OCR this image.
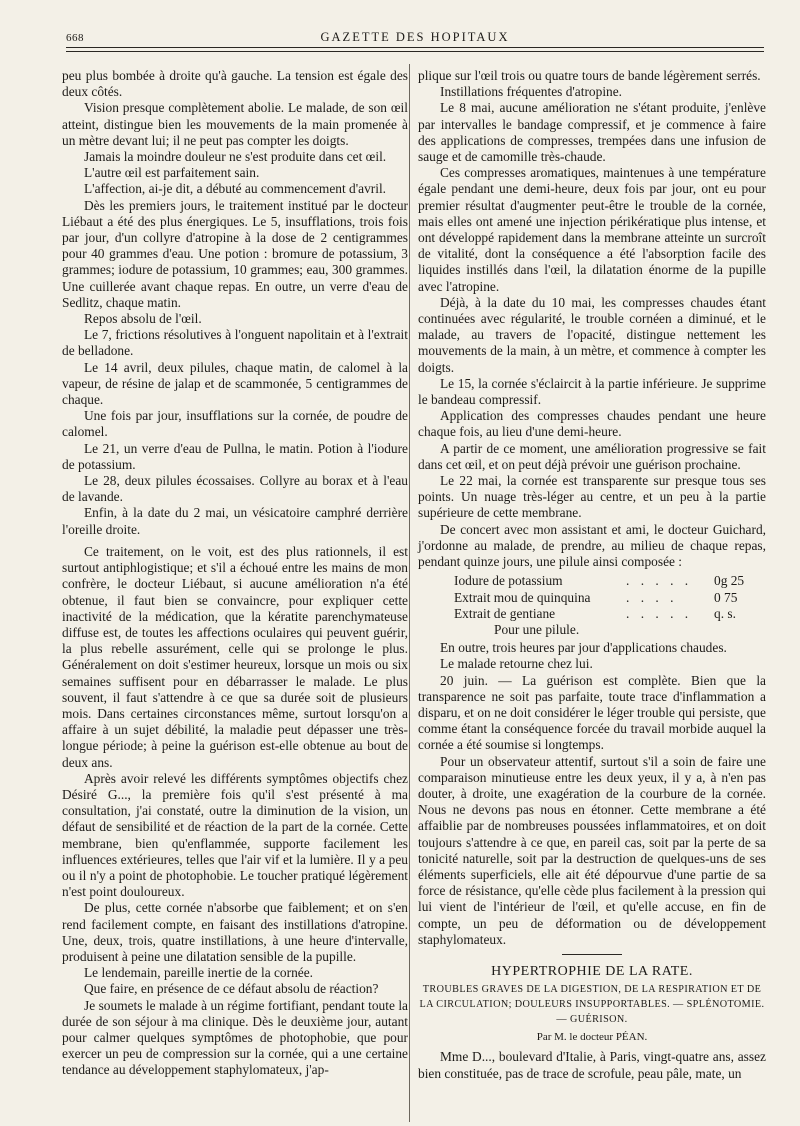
668	GAZETTE DES HOPITAUX

peu plus bombée à droite qu'à gauche. La tension est égale des deux côtés.

Vision presque complètement abolie. Le malade, de son œil atteint, distingue bien les mouvements de la main promenée à un mètre devant lui; il ne peut pas compter les doigts.

Jamais la moindre douleur ne s'est produite dans cet œil.

L'autre œil est parfaitement sain.

L'affection, ai-je dit, a débuté au commencement d'avril.

Dès les premiers jours, le traitement institué par le docteur Liébaut a été des plus énergiques. Le 5, insufflations, trois fois par jour, d'un collyre d'atropine à la dose de 2 centigrammes pour 40 grammes d'eau. Une potion : bromure de potassium, 3 grammes; iodure de potassium, 10 grammes; eau, 300 grammes. Une cuillerée avant chaque repas. En outre, un verre d'eau de Sedlitz, chaque matin.

Repos absolu de l'œil.

Le 7, frictions résolutives à l'onguent napolitain et à l'extrait de belladone.

Le 14 avril, deux pilules, chaque matin, de calomel à la vapeur, de résine de jalap et de scammonée, 5 centigrammes de chaque.

Une fois par jour, insufflations sur la cornée, de poudre de calomel.

Le 21, un verre d'eau de Pullna, le matin. Potion à l'iodure de potassium.

Le 28, deux pilules écossaises. Collyre au borax et à l'eau de lavande.

Enfin, à la date du 2 mai, un vésicatoire camphré derrière l'oreille droite.

Ce traitement, on le voit, est des plus rationnels, il est surtout antiphlogistique; et s'il a échoué entre les mains de mon confrère, le docteur Liébaut, si aucune amélioration n'a été obtenue, il faut bien se convaincre, pour expliquer cette inactivité de la médication, que la kératite parenchymateuse diffuse est, de toutes les affections oculaires qui peuvent guérir, la plus rebelle assurément, celle qui se prolonge le plus. Généralement on doit s'estimer heureux, lorsque un mois ou six semaines suffisent pour en débarrasser le malade. Le plus souvent, il faut s'attendre à ce que sa durée soit de plusieurs mois. Dans certaines circonstances même, surtout lorsqu'on a affaire à un sujet débilité, la maladie peut dépasser une très-longue période; à peine la guérison est-elle obtenue au bout de deux ans.

Après avoir relevé les différents symptômes objectifs chez Désiré G..., la première fois qu'il s'est présenté à ma consultation, j'ai constaté, outre la diminution de la vision, un défaut de sensibilité et de réaction de la part de la cornée. Cette membrane, bien qu'enflammée, supporte facilement les influences extérieures, telles que l'air vif et la lumière. Il y a peu ou il n'y a point de photophobie. Le toucher pratiqué légèrement n'est point douloureux.

De plus, cette cornée n'absorbe que faiblement; et on s'en rend facilement compte, en faisant des instillations d'atropine. Une, deux, trois, quatre instillations, à une heure d'intervalle, produisent à peine une dilatation sensible de la pupille.

Le lendemain, pareille inertie de la cornée.

Que faire, en présence de ce défaut absolu de réaction?

Je soumets le malade à un régime fortifiant, pendant toute la durée de son séjour à ma clinique. Dès le deuxième jour, autant pour calmer quelques symptômes de photophobie, que pour exercer un peu de compression sur la cornée, qui a une certaine tendance au développement staphylomateux, j'ap-

plique sur l'œil trois ou quatre tours de bande légèrement serrés.

Instillations fréquentes d'atropine.

Le 8 mai, aucune amélioration ne s'étant produite, j'enlève par intervalles le bandage compressif, et je commence à faire des applications de compresses, trempées dans une infusion de sauge et de camomille très-chaude.

Ces compresses aromatiques, maintenues à une température égale pendant une demi-heure, deux fois par jour, ont eu pour premier résultat d'augmenter peut-être le trouble de la cornée, mais elles ont amené une injection périkératique plus intense, et ont développé rapidement dans la membrane atteinte un surcroît de vitalité, dont la conséquence a été l'absorption facile des liquides instillés dans l'œil, la dilatation énorme de la pupille avec l'atropine.

Déjà, à la date du 10 mai, les compresses chaudes étant continuées avec régularité, le trouble cornéen a diminué, et le malade, au travers de l'opacité, distingue nettement les mouvements de la main, à un mètre, et commence à compter les doigts.

Le 15, la cornée s'éclaircit à la partie inférieure. Je supprime le bandeau compressif.

Application des compresses chaudes pendant une heure chaque fois, au lieu d'une demi-heure.

A partir de ce moment, une amélioration progressive se fait dans cet œil, et on peut déjà prévoir une guérison prochaine.

Le 22 mai, la cornée est transparente sur presque tous ses points. Un nuage très-léger au centre, et un peu à la partie supérieure de cette membrane.

De concert avec mon assistant et ami, le docteur Guichard, j'ordonne au malade, de prendre, au milieu de chaque repas, pendant quinze jours, une pilule ainsi composée :

Iodure de potassium	. . . . .	0g 25
Extrait mou de quinquina	. . . .	0 75
Extrait de gentiane	. . . . .	q. s.
Pour une pilule.

En outre, trois heures par jour d'applications chaudes.

Le malade retourne chez lui.

20 juin. — La guérison est complète. Bien que la transparence ne soit pas parfaite, toute trace d'inflammation a disparu, et on ne doit considérer le léger trouble qui persiste, que comme étant la conséquence forcée du travail morbide auquel la cornée a été soumise si longtemps.

Pour un observateur attentif, surtout s'il a soin de faire une comparaison minutieuse entre les deux yeux, il y a, à n'en pas douter, à droite, une exagération de la courbure de la cornée. Nous ne devons pas nous en étonner. Cette membrane a été affaiblie par de nombreuses poussées inflammatoires, et on doit toujours s'attendre à ce que, en pareil cas, soit par la perte de sa tonicité naturelle, soit par la destruction de quelques-uns de ses éléments superficiels, elle ait été dépourvue d'une partie de sa force de résistance, qu'elle cède plus facilement à la pression qui lui vient de l'intérieur de l'œil, et qu'elle accuse, en fin de compte, un peu de déformation ou de développement staphylomateux.

HYPERTROPHIE DE LA RATE.
TROUBLES GRAVES DE LA DIGESTION, DE LA RESPIRATION ET DE LA CIRCULATION; DOULEURS INSUPPORTABLES. — SPLÉNOTOMIE. — GUÉRISON.
Par M. le docteur PÉAN.

Mme D..., boulevard d'Italie, à Paris, vingt-quatre ans, assez bien constituée, pas de trace de scrofule, peau pâle, mate, un
